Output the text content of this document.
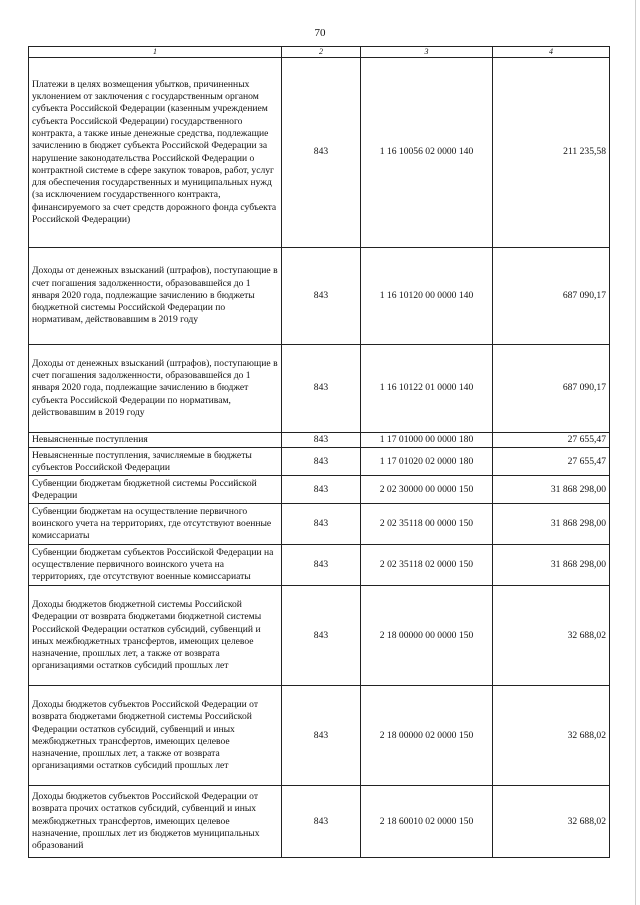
70
1	2	3	4
Платежи в целях возмещения убытков, причиненных уклонением от заключения с государственным органом субъекта Российской Федерации (казенным учреждением субъекта Российской Федерации) государственного контракта, а также иные денежные средства, подлежащие зачислению в бюджет субъекта Российской Федерации за нарушение законодательства Российской Федерации о контрактной системе в сфере закупок товаров, работ, услуг для обеспечения государственных и муниципальных нужд (за исключением государственного контракта, финансируемого за счет средств дорожного фонда субъекта Российской Федерации)	843	1 16 10056 02 0000 140	211 235,58
Доходы от денежных взысканий (штрафов), поступающие в счет погашения задолженности, образовавшейся до 1 января 2020 года, подлежащие зачислению в бюджеты бюджетной системы Российской Федерации по нормативам, действовавшим в 2019 году	843	1 16 10120 00 0000 140	687 090,17
Доходы от денежных взысканий (штрафов), поступающие в счет погашения задолженности, образовавшейся до 1 января 2020 года, подлежащие зачислению в бюджет субъекта Российской Федерации по нормативам, действовавшим в 2019 году	843	1 16 10122 01 0000 140	687 090,17
Невыясненные поступления	843	1 17 01000 00 0000 180	27 655,47
Невыясненные поступления, зачисляемые в бюджеты субъектов Российской Федерации	843	1 17 01020 02 0000 180	27 655,47
Субвенции бюджетам бюджетной системы Российской Федерации	843	2 02 30000 00 0000 150	31 868 298,00
Субвенции бюджетам на осуществление первичного воинского учета на территориях, где отсутствуют военные комиссариаты	843	2 02 35118 00 0000 150	31 868 298,00
Субвенции бюджетам субъектов Российской Федерации на осуществление первичного воинского учета на территориях, где отсутствуют военные комиссариаты	843	2 02 35118 02 0000 150	31 868 298,00
Доходы бюджетов бюджетной системы Российской Федерации от возврата бюджетами бюджетной системы Российской Федерации остатков субсидий, субвенций и иных межбюджетных трансфертов, имеющих целевое назначение, прошлых лет, а также от возврата организациями остатков субсидий прошлых лет	843	2 18 00000 00 0000 150	32 688,02
Доходы бюджетов субъектов Российской Федерации от возврата бюджетами бюджетной системы Российской Федерации остатков субсидий, субвенций и иных межбюджетных трансфертов, имеющих целевое назначение, прошлых лет, а также от возврата организациями остатков субсидий прошлых лет	843	2 18 00000 02 0000 150	32 688,02
Доходы бюджетов субъектов Российской Федерации от возврата прочих остатков субсидий, субвенций и иных межбюджетных трансфертов, имеющих целевое назначение, прошлых лет из бюджетов муниципальных образований	843	2 18 60010 02 0000 150	32 688,02
